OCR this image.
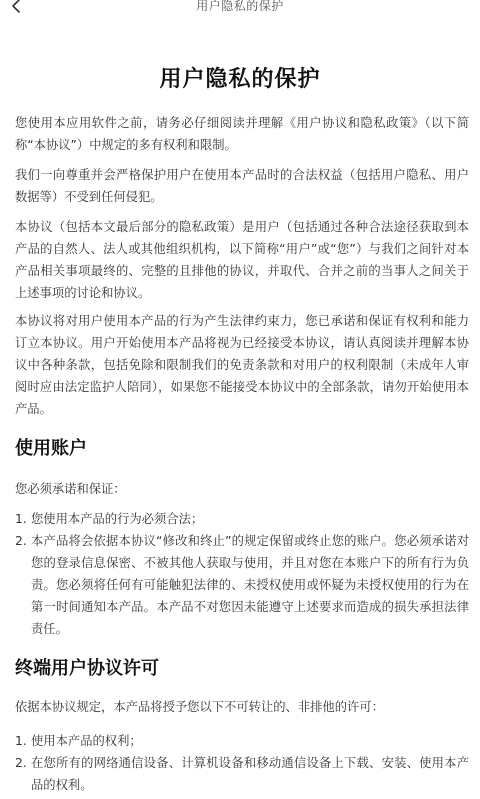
用户隐私的保护
用户隐私的保护

您使用本应用软件之前，请务必仔细阅读并理解《用户协议和隐私政策》（以下简称“本协议”）中规定的多有权利和限制。

我们一向尊重并会严格保护用户在使用本产品时的合法权益（包括用户隐私、用户数据等）不受到任何侵犯。

本协议（包括本文最后部分的隐私政策）是用户（包括通过各种合法途径获取到本产品的自然人、法人或其他组织机构，以下简称“用户”或“您”）与我们之间针对本产品相关事项最终的、完整的且排他的协议，并取代、合并之前的当事人之间关于上述事项的讨论和协议。

本协议将对用户使用本产品的行为产生法律约束力，您已承诺和保证有权利和能力订立本协议。用户开始使用本产品将视为已经接受本协议，请认真阅读并理解本协议中各种条款，包括免除和限制我们的免责条款和对用户的权利限制（未成年人审阅时应由法定监护人陪同），如果您不能接受本协议中的全部条款，请勿开始使用本产品。

使用账户

您必须承诺和保证：

1. 您使用本产品的行为必须合法；
2. 本产品将会依据本协议“修改和终止”的规定保留或终止您的账户。您必须承诺对您的登录信息保密、不被其他人获取与使用，并且对您在本账户下的所有行为负责。您必须将任何有可能触犯法律的、未授权使用或怀疑为未授权使用的行为在第一时间通知本产品。本产品不对您因未能遵守上述要求而造成的损失承担法律责任。
终端用户协议许可

依据本协议规定，本产品将授予您以下不可转让的、非排他的许可：

1. 使用本产品的权利；
2. 在您所有的网络通信设备、计算机设备和移动通信设备上下载、安装、使用本产品的权利。
